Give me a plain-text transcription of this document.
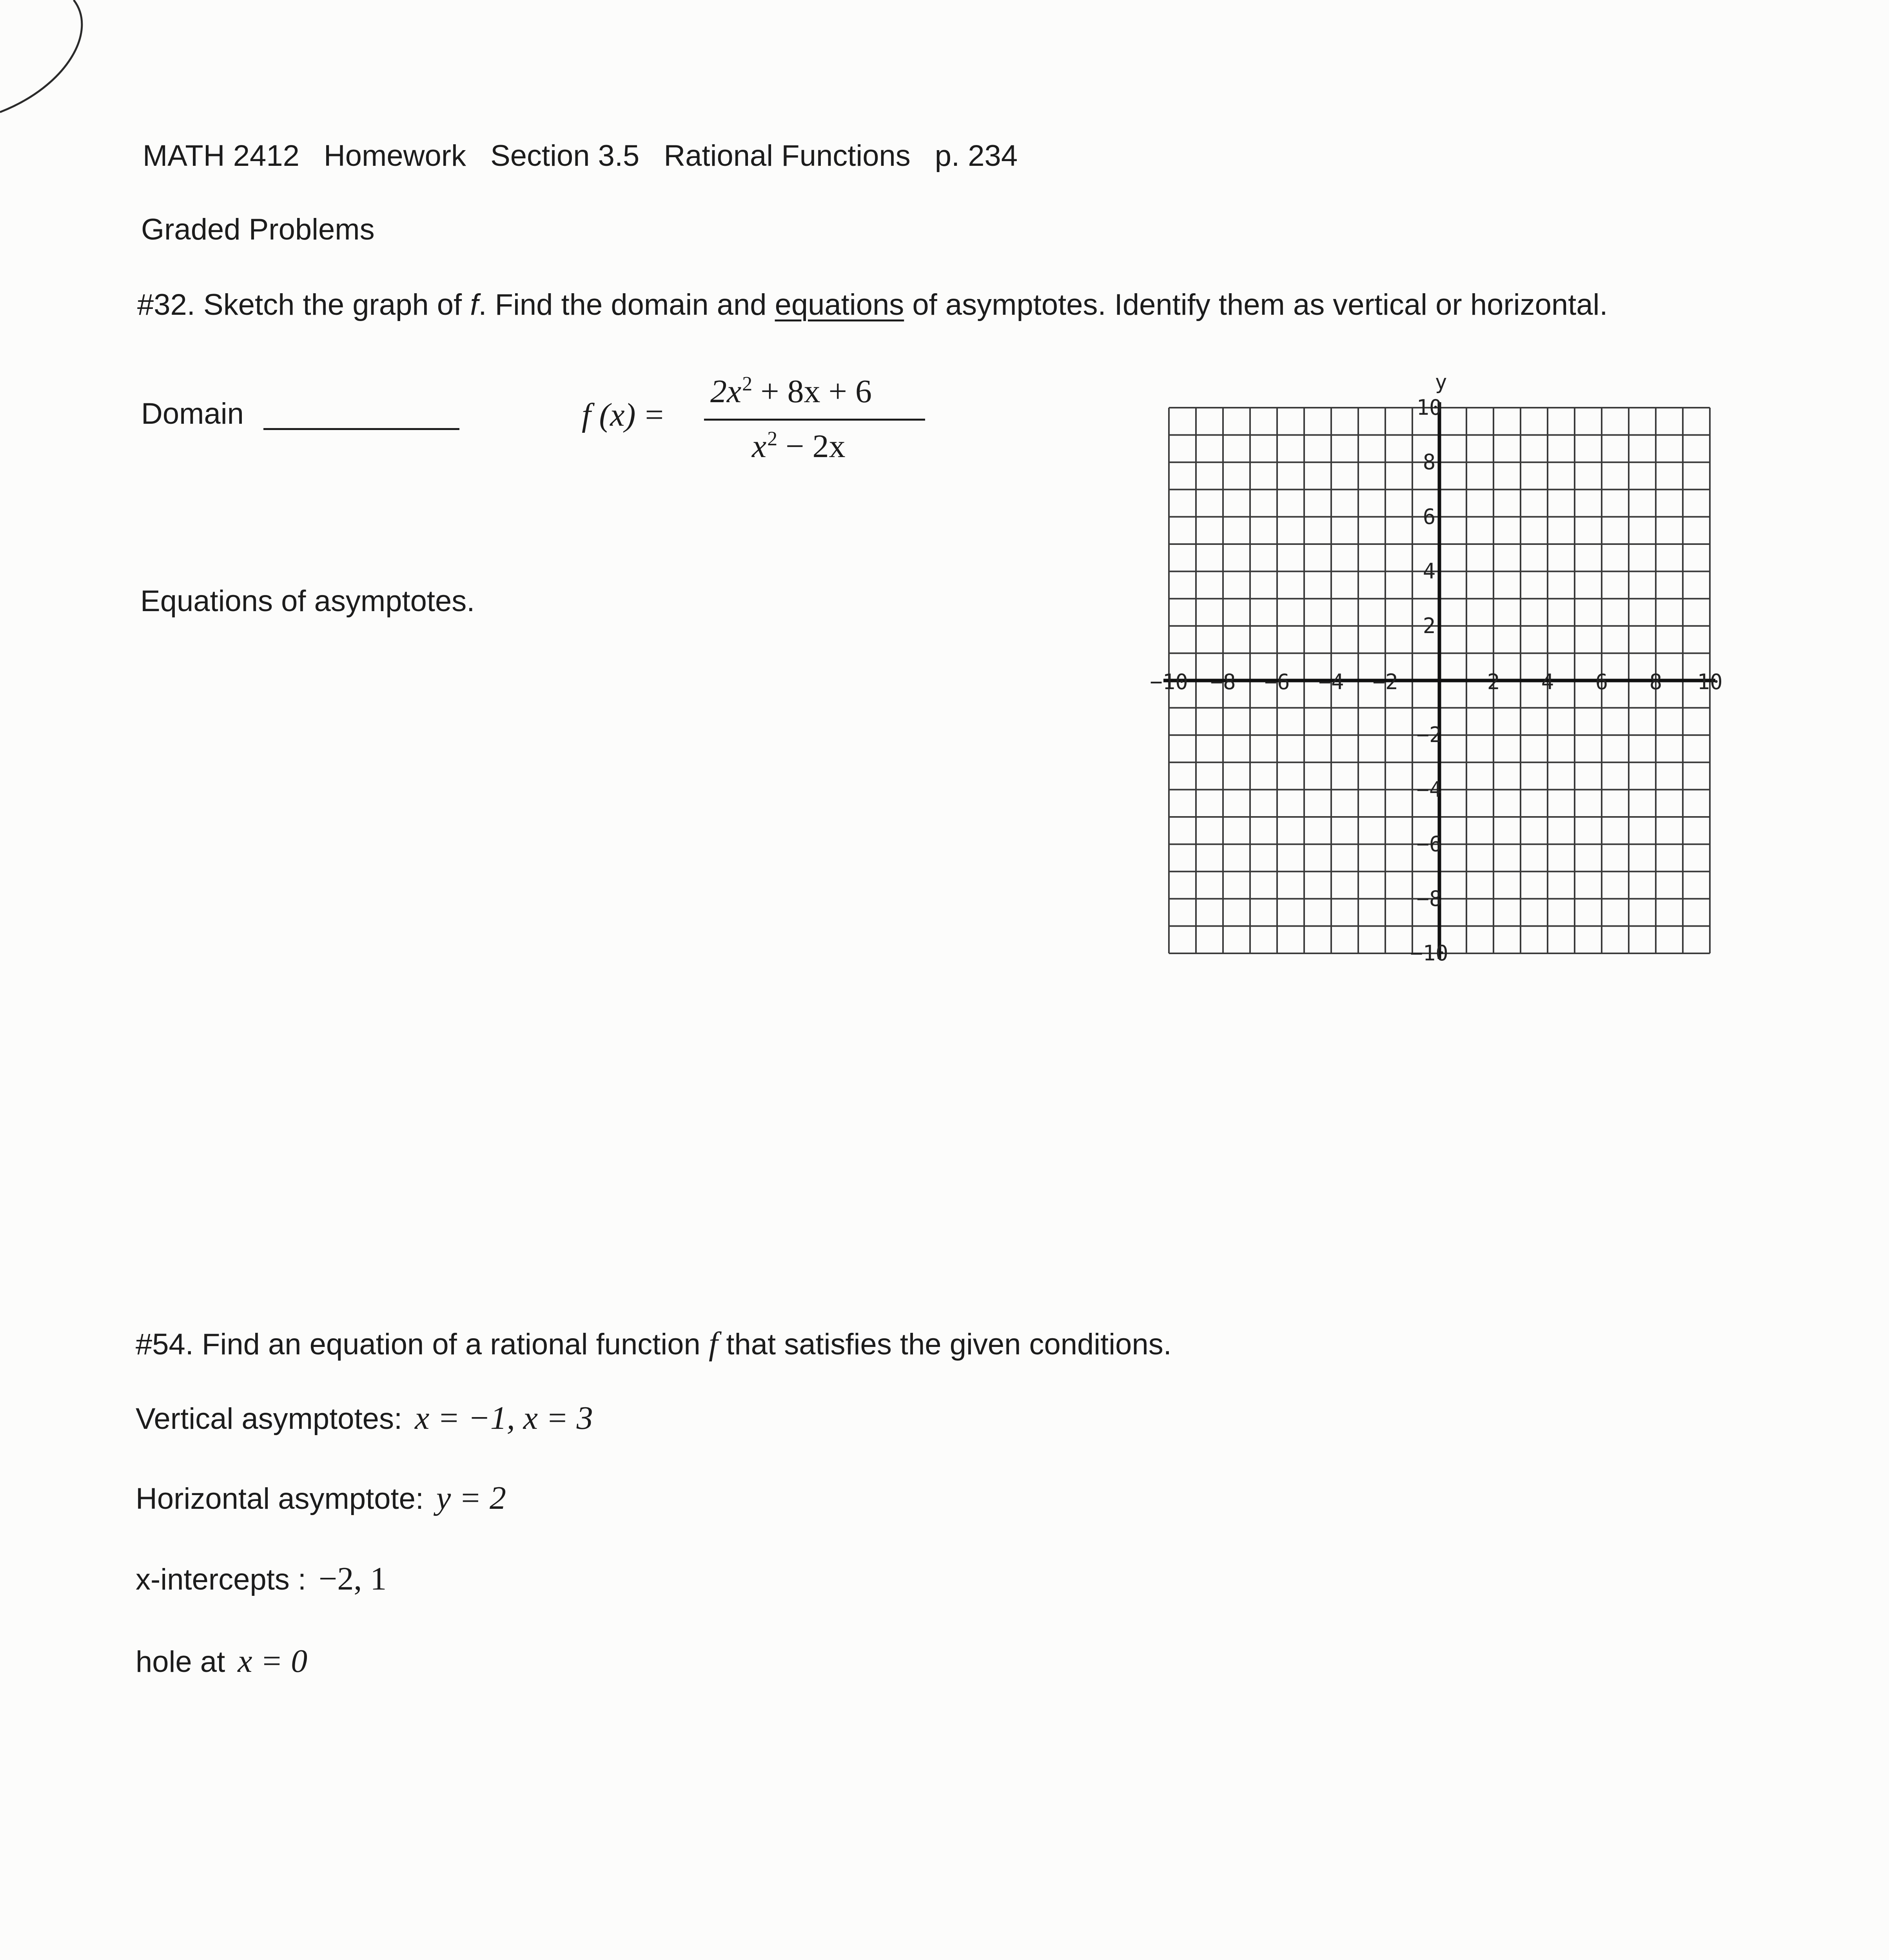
MATH 2412 Homework Section 3.5 Rational Functions p. 234
Graded Problems
#32. Sketch the graph of f. Find the domain and equations of asymptotes. Identify them as vertical or horizontal.
Domain	f (x) =
$2x^2 + 8x + 6$
$x^2 - 2x$
Equations of asymptotes.
−10 −8 −6 −4 −2	2 4 6 8 10
10
8
6
4
2
−2
−4
−6
−8
−10
y
#54. Find an equation of a rational function f that satisfies the given conditions.
Vertical asymptotes: x = −1, x = 3
Horizontal asymptote: y = 2
x-intercepts : −2, 1
hole at x = 0
